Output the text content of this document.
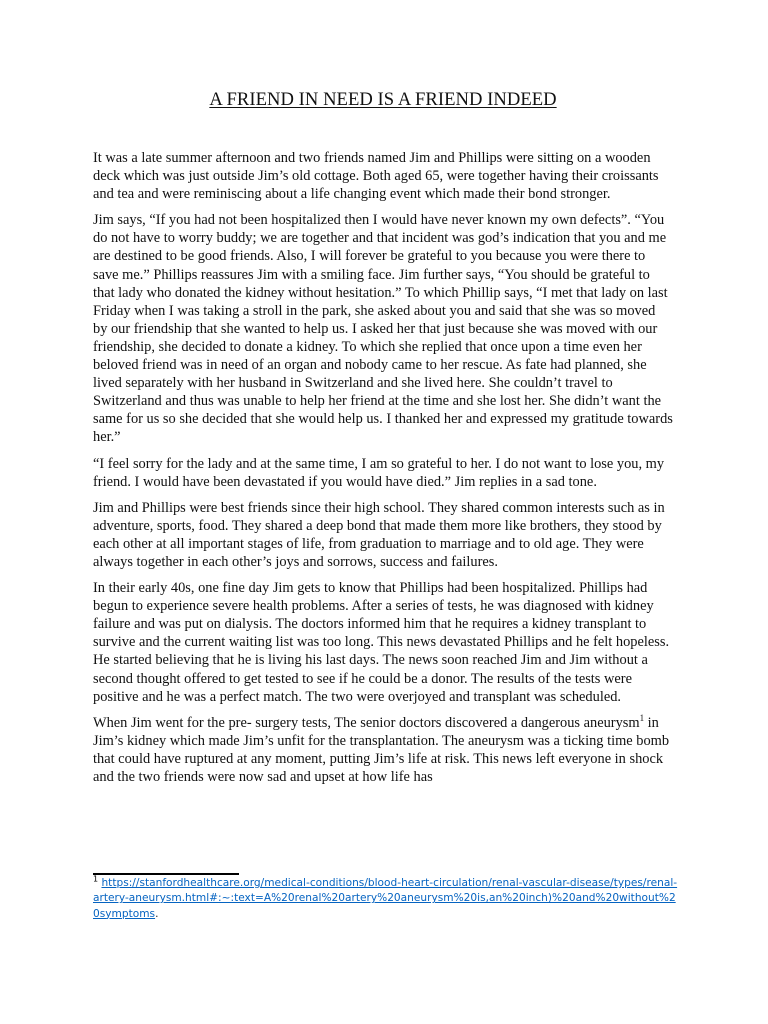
A FRIEND IN NEED IS A FRIEND INDEED

It was a late summer afternoon and two friends named Jim and Phillips were sitting on a wooden deck which was just outside Jim’s old cottage. Both aged 65, were together having their croissants and tea and were reminiscing about a life changing event which made their bond stronger.

Jim says, “If you had not been hospitalized then I would have never known my own defects”. “You do not have to worry buddy; we are together and that incident was god’s indication that you and me are destined to be good friends. Also, I will forever be grateful to you because you were there to save me.” Phillips reassures Jim with a smiling face. Jim further says, “You should be grateful to that lady who donated the kidney without hesitation.” To which Phillip says, “I met that lady on last Friday when I was taking a stroll in the park, she asked about you and said that she was so moved by our friendship that she wanted to help us. I asked her that just because she was moved with our friendship, she decided to donate a kidney. To which she replied that once upon a time even her beloved friend was in need of an organ and nobody came to her rescue. As fate had planned, she lived separately with her husband in Switzerland and she lived here. She couldn’t travel to Switzerland and thus was unable to help her friend at the time and she lost her. She didn’t want the same for us so she decided that she would help us. I thanked her and expressed my gratitude towards her.”

“I feel sorry for the lady and at the same time, I am so grateful to her. I do not want to lose you, my friend. I would have been devastated if you would have died.” Jim replies in a sad tone.

Jim and Phillips were best friends since their high school. They shared common interests such as in adventure, sports, food. They shared a deep bond that made them more like brothers, they stood by each other at all important stages of life, from graduation to marriage and to old age. They were always together in each other’s joys and sorrows, success and failures.

In their early 40s, one fine day Jim gets to know that Phillips had been hospitalized. Phillips had begun to experience severe health problems. After a series of tests, he was diagnosed with kidney failure and was put on dialysis. The doctors informed him that he requires a kidney transplant to survive and the current waiting list was too long. This news devastated Phillips and he felt hopeless. He started believing that he is living his last days. The news soon reached Jim and Jim without a second thought offered to get tested to see if he could be a donor. The results of the tests were positive and he was a perfect match. The two were overjoyed and transplant was scheduled.

When Jim went for the pre- surgery tests, The senior doctors discovered a dangerous aneurysm$^1$ in Jim’s kidney which made Jim’s unfit for the transplantation. The aneurysm was a ticking time bomb that could have ruptured at any moment, putting Jim’s life at risk. This news left everyone in shock and the two friends were now sad and upset at how life has

$^1$ https://stanfordhealthcare.org/medical-conditions/blood-heart-circulation/renal-vascular-disease/types/renal-artery-aneurysm.html#:~:text=A%20renal%20artery%20aneurysm%20is,an%20inch)%20and%20without%20symptoms.
